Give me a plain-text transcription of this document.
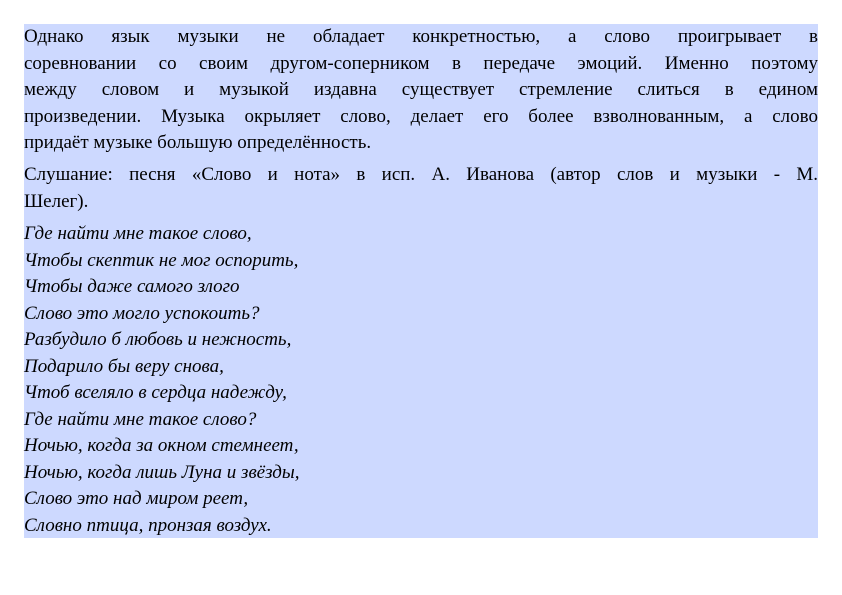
Однако язык музыки не обладает конкретностью, а слово проигрывает в
соревновании со своим другом-соперником в передаче эмоций. Именно поэтому
между словом и музыкой издавна существует стремление слиться в едином
произведении. Музыка окрыляет слово, делает его более взволнованным, а слово
придаёт музыке большую определённость.

Слушание: песня «Слово и нота» в исп. А. Иванова (автор слов и музыки - М.
Шелег).

Где найти мне такое слово,
Чтобы скептик не мог оспорить,
Чтобы даже самого злого
Слово это могло успокоить?
Разбудило б любовь и нежность,
Подарило бы веру снова,
Чтоб вселяло в сердца надежду,
Где найти мне такое слово?
Ночью, когда за окном стемнеет,
Ночью, когда лишь Луна и звёзды,
Слово это над миром реет,
Словно птица, пронзая воздух.
